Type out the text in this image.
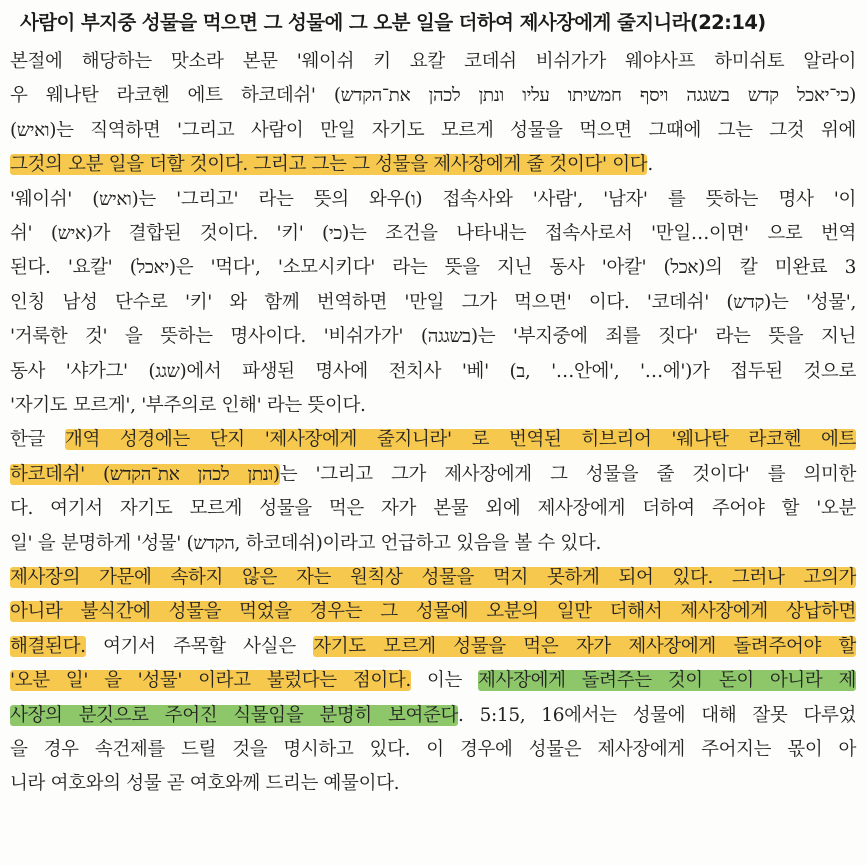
사람이 부지중 성물을 먹으면 그 성물에 그 오분 일을 더하여 제사장에게 줄지니라(22:14)
본절에 해당하는 맛소라 본문 '웨이쉬 키 요칼 코데쉬 비쉬가가 웨야사프 하미쉬토 알라이
우 웨나탄 라코헨 에트 하코데쉬' (כי־יאכל קדש בשגגה ויסף חמשיתו עליו ונתן לכהן את־הקדש)
(ואיש)는 직역하면 '그리고 사람이 만일 자기도 모르게 성물을 먹으면 그때에 그는 그것 위에
그것의 오분 일을 더할 것이다. 그리고 그는 그 성물을 제사장에게 줄 것이다' 이다.
'웨이쉬' (ואיש)는 '그리고' 라는 뜻의 와우(ו) 접속사와 '사람', '남자' 를 뜻하는 명사 '이
쉬' (איש)가 결합된 것이다. '키' (כי)는 조건을 나타내는 접속사로서 '만일…이면' 으로 번역
된다. '요칼' (יאכל)은 '먹다', '소모시키다' 라는 뜻을 지닌 동사 '아칼' (אכל)의 칼 미완료 3
인칭 남성 단수로 '키' 와 함께 번역하면 '만일 그가 먹으면' 이다. '코데쉬' (קדש)는 '성물',
'거룩한 것' 을 뜻하는 명사이다. '비쉬가가' (בשגגה)는 '부지중에 죄를 짓다' 라는 뜻을 지닌
동사 '샤가그' (שגג)에서 파생된 명사에 전치사 '베' (ב, '…안에', '…에')가 접두된 것으로
'자기도 모르게', '부주의로 인해' 라는 뜻이다.
한글 개역 성경에는 단지 '제사장에게 줄지니라' 로 번역된 히브리어 '웨나탄 라코헨 에트
하코데쉬' (ונתן לכהן את־הקדש)는 '그리고 그가 제사장에게 그 성물을 줄 것이다' 를 의미한
다. 여기서 자기도 모르게 성물을 먹은 자가 본물 외에 제사장에게 더하여 주어야 할 '오분
일' 을 분명하게 '성물' (הקדש, 하코데쉬)이라고 언급하고 있음을 볼 수 있다.
제사장의 가문에 속하지 않은 자는 원칙상 성물을 먹지 못하게 되어 있다. 그러나 고의가
아니라 불식간에 성물을 먹었을 경우는 그 성물에 오분의 일만 더해서 제사장에게 상납하면
해결된다. 여기서 주목할 사실은 자기도 모르게 성물을 먹은 자가 제사장에게 돌려주어야 할
'오분 일' 을 '성물' 이라고 불렀다는 점이다. 이는 제사장에게 돌려주는 것이 돈이 아니라 제
사장의 분깃으로 주어진 식물임을 분명히 보여준다. 5:15, 16에서는 성물에 대해 잘못 다루었
을 경우 속건제를 드릴 것을 명시하고 있다. 이 경우에 성물은 제사장에게 주어지는 몫이 아
니라 여호와의 성물 곧 여호와께 드리는 예물이다.
